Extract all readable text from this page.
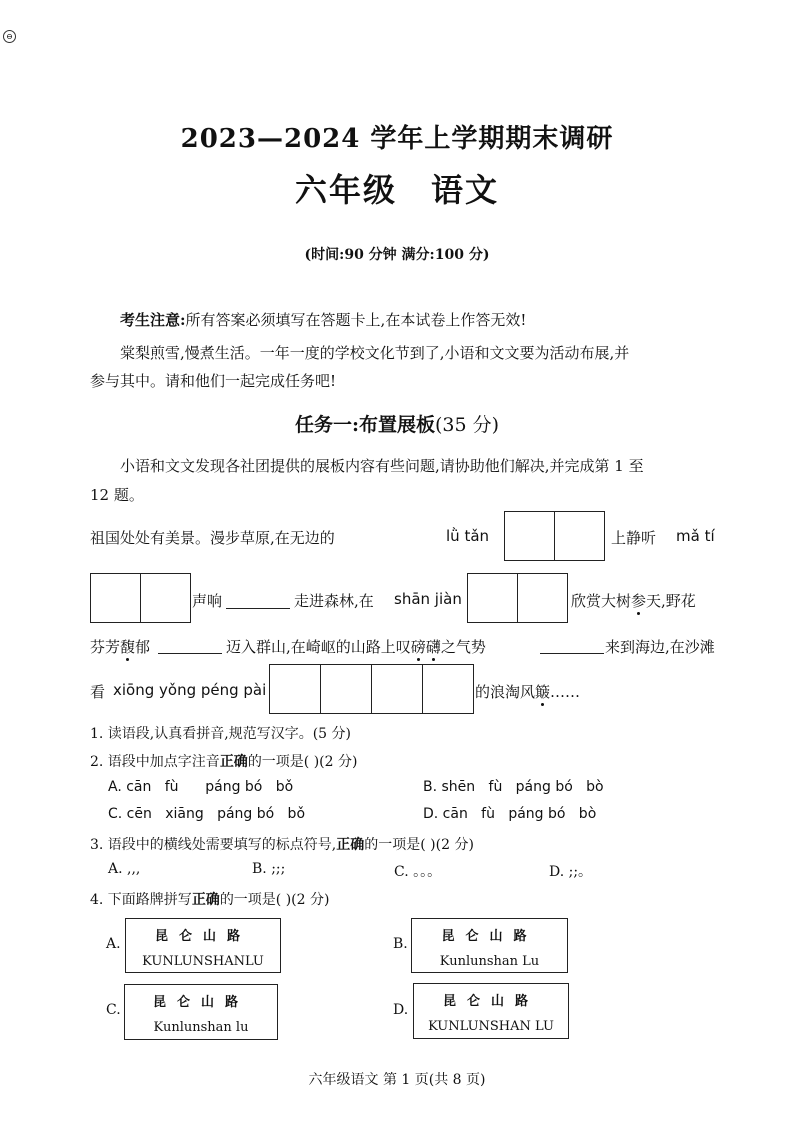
⊖
2023—2024 学年上学期期末调研
六年级 语文
(时间:90 分钟 满分:100 分)
考生注意:所有答案必须填写在答题卡上,在本试卷上作答无效!
棠梨煎雪,慢煮生活。一年一度的学校文化节到了,小语和文文要为活动布展,并
参与其中。请和他们一起完成任务吧!
任务一:布置展板(35 分)
小语和文文发现各社团提供的展板内容有些问题,请协助他们解决,并完成第 1 至
12 题。
祖国处处有美景。漫步草原,在无边的	lǜ tǎn	上静听 mǎ tí
声响	走进森林,在 shān jiàn	欣赏大树参天,野花
芬芳馥郁	迈入群山,在崎岖的山路上叹磅礴之气势	来到海边,在沙滩
看 xiōng yǒng péng pài	的浪淘风簸……
1. 读语段,认真看拼音,规范写汉字。(5 分)
2. 语段中加点字注音正确的一项是( )(2 分)
A. cān   fù      páng bó   bǒ	B. shēn   fù   páng bó   bò
C. cēn   xiāng   páng bó   bǒ	D. cān   fù   páng bó   bò
3. 语段中的横线处需要填写的标点符号,正确的一项是( )(2 分)
A. ,,,	B. ;;;	C. 。。。	D. ;;。
4. 下面路牌拼写正确的一项是( )(2 分)
A.	昆仑山路
KUNLUNSHANLU
B.	昆仑山路
Kunlunshan Lu
C.	昆仑山路
Kunlunshan lu
D.
昆仑山路
KUNLUNSHAN LU
六年级语文 第 1 页(共 8 页)
